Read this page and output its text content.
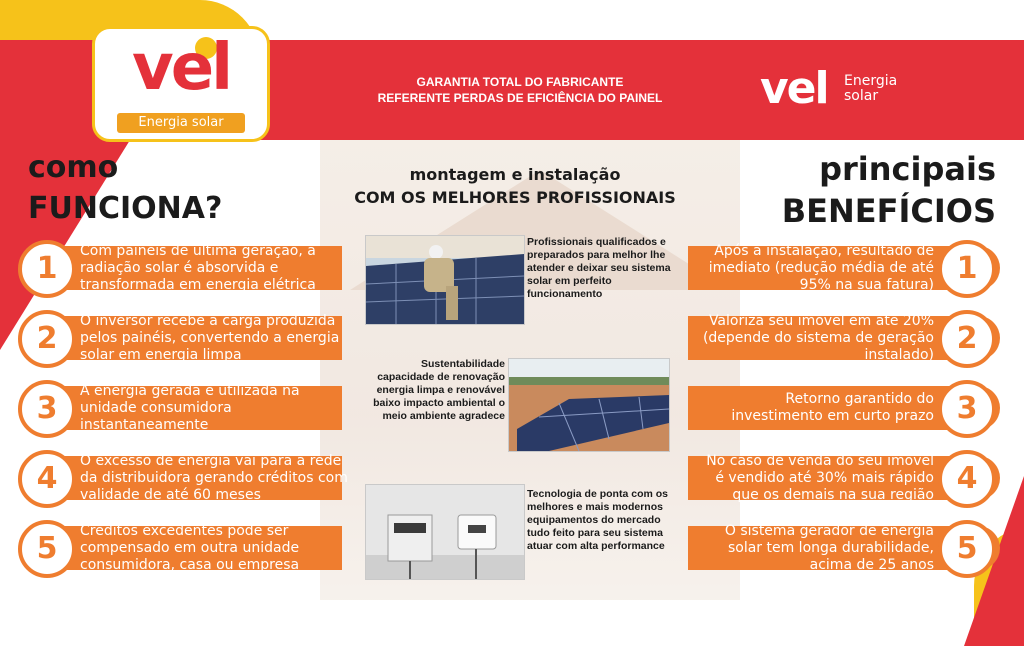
vel
Energia solar
GARANTIA TOTAL DO FABRICANTE
REFERENTE PERDAS DE EFICIÊNCIA DO PAINEL	vel Energia
solar
como
FUNCIONA?
principais
BENEFÍCIOS
montagem e instalação
COM OS MELHORES PROFISSIONAIS
1	Com painéis de última geração, a radiação solar é absorvida e transformada em energia elétrica
2	O inversor recebe a carga produzida pelos painéis, convertendo a energia solar em energia limpa
3	A energia gerada é utilizada na unidade consumidora instantaneamente
4	O excesso de energia vai para a rede da distribuidora gerando créditos com validade de até 60 meses
5	Créditos excedentes pode ser compensado em outra unidade consumidora, casa ou empresa
1
Após a instalação, resultado de imediato (redução média de até 95% na sua fatura)
2
Valoriza seu imóvel em até 20% (depende do sistema de geração instalado)
3
Retorno garantido do investimento em curto prazo
4
No caso de venda do seu imóvel é vendido até 30% mais rápido que os demais na sua região
5
O sistema gerador de energia solar tem longa durabilidade, acima de 25 anos
Profissionais qualificados e preparados para melhor lhe atender e deixar seu sistema solar em perfeito funcionamento
Sustentabilidade capacidade de renovação energia limpa e renovável baixo impacto ambiental o meio ambiente agradece
Tecnologia de ponta com os melhores e mais modernos equipamentos do mercado tudo feito para seu sistema atuar com alta performance
